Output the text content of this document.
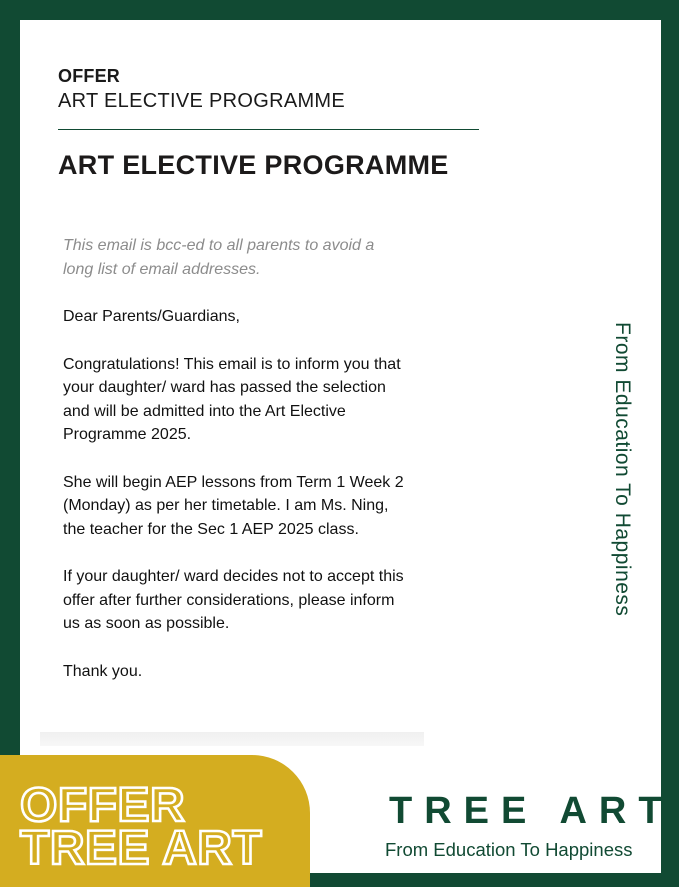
OFFER
ART ELECTIVE PROGRAMME
ART ELECTIVE PROGRAMME

This email is bcc-ed to all parents to avoid a long list of email addresses.

Dear Parents/Guardians,

Congratulations! This email is to inform you that your daughter/ ward has passed the selection and will be admitted into the Art Elective Programme 2025.

She will begin AEP lessons from Term 1 Week 2 (Monday) as per her timetable. I am Ms. Ning, the teacher for the Sec 1 AEP 2025 class.

If your daughter/ ward decides not to accept this offer after further considerations, please inform us as soon as possible.

Thank you.

From Education To Happiness
OFFER
TREE ART
TREE ART
From Education To Happiness
